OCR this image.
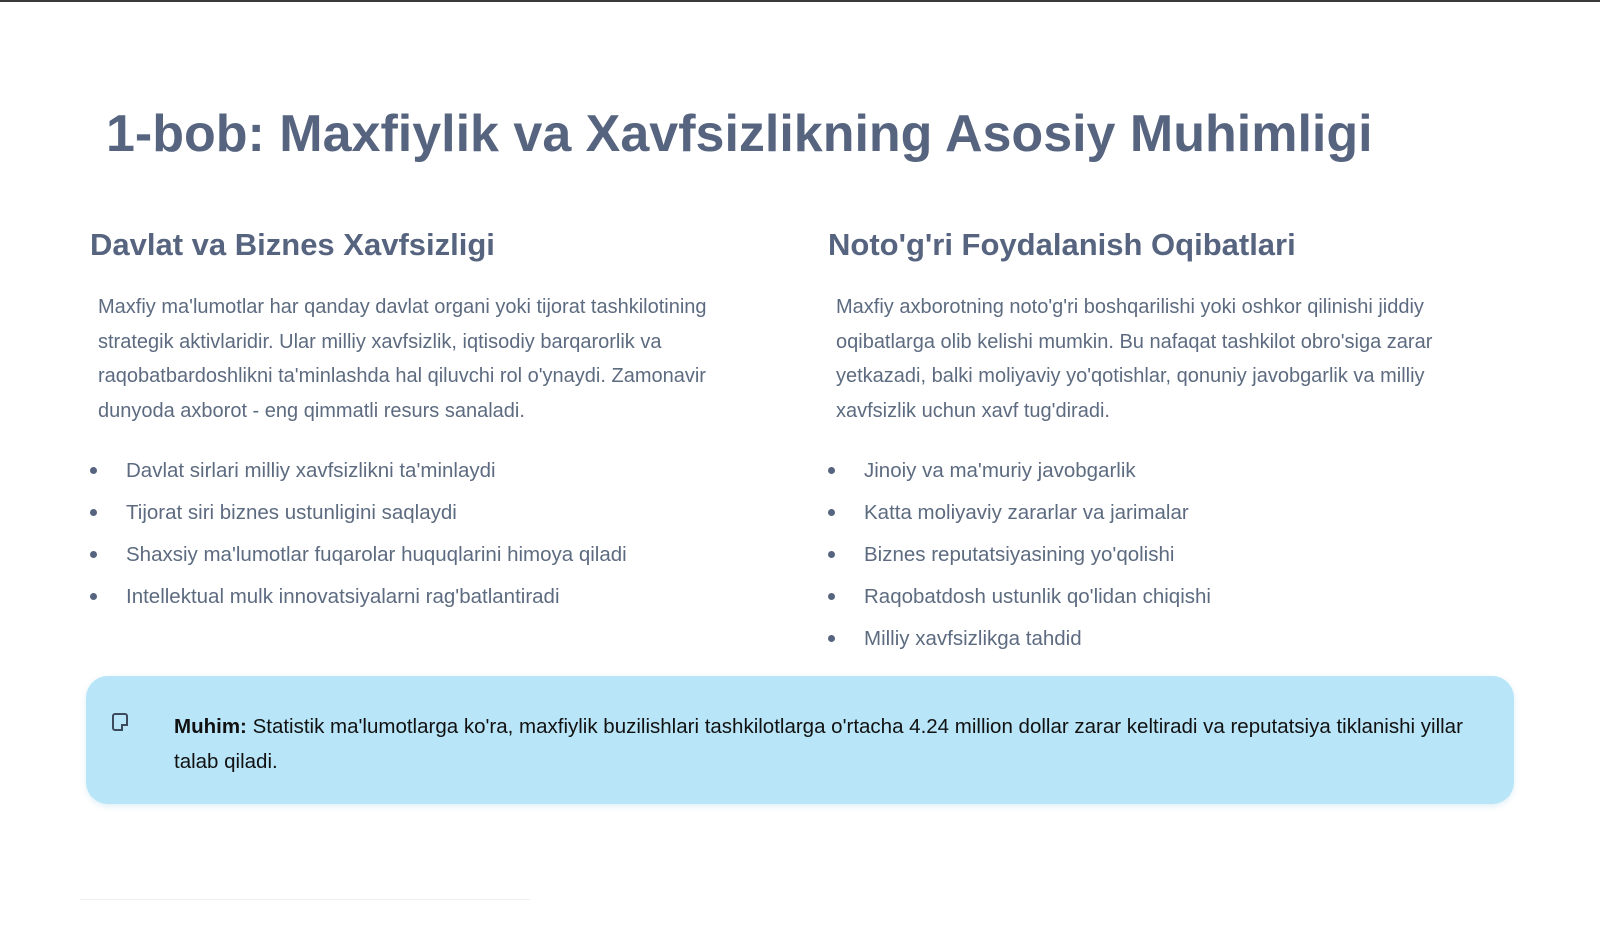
1-bob: Maxfiylik va Xavfsizlikning Asosiy Muhimligi
Davlat va Biznes Xavfsizligi

Maxfiy ma'lumotlar har qanday davlat organi yoki tijorat tashkilotining strategik aktivlaridir. Ular milliy xavfsizlik, iqtisodiy barqarorlik va raqobatbardoshlikni ta'minlashda hal qiluvchi rol o'ynaydi. Zamonavir dunyoda axborot - eng qimmatli resurs sanaladi.

Davlat sirlari milliy xavfsizlikni ta'minlaydi
Tijorat siri biznes ustunligini saqlaydi
Shaxsiy ma'lumotlar fuqarolar huquqlarini himoya qiladi
Intellektual mulk innovatsiyalarni rag'batlantiradi
Noto'g'ri Foydalanish Oqibatlari

Maxfiy axborotning noto'g'ri boshqarilishi yoki oshkor qilinishi jiddiy oqibatlarga olib kelishi mumkin. Bu nafaqat tashkilot obro'siga zarar yetkazadi, balki moliyaviy yo'qotishlar, qonuniy javobgarlik va milliy xavfsizlik uchun xavf tug'diradi.

Jinoiy va ma'muriy javobgarlik
Katta moliyaviy zararlar va jarimalar
Biznes reputatsiyasining yo'qolishi
Raqobatdosh ustunlik qo'lidan chiqishi
Milliy xavfsizlikga tahdid
Muhim: Statistik ma'lumotlarga ko'ra, maxfiylik buzilishlari tashkilotlarga o'rtacha 4.24 million dollar zarar keltiradi va reputatsiya tiklanishi yillar talab qiladi.
